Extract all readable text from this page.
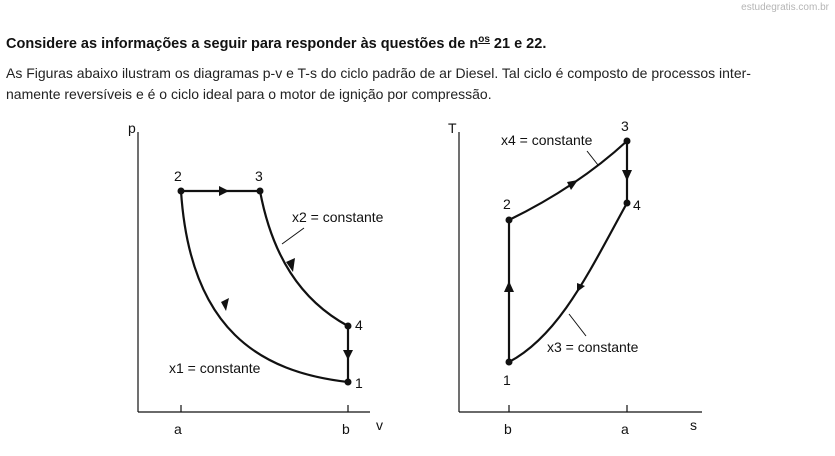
estudegratis.com.br
Considere as informações a seguir para responder às questões de $n^{os}$ 21 e 22.
As Figuras abaixo ilustram os diagramas p-v e T-s do ciclo padrão de ar Diesel. Tal ciclo é composto de processos inter-
namente reversíveis e é o ciclo ideal para o motor de ignição por compressão.
p
v
a	b
2	3
4
1
x2 = constante
x1 = constante
T
s
b	a
3
2	4
1
x4 = constante
x3 = constante
